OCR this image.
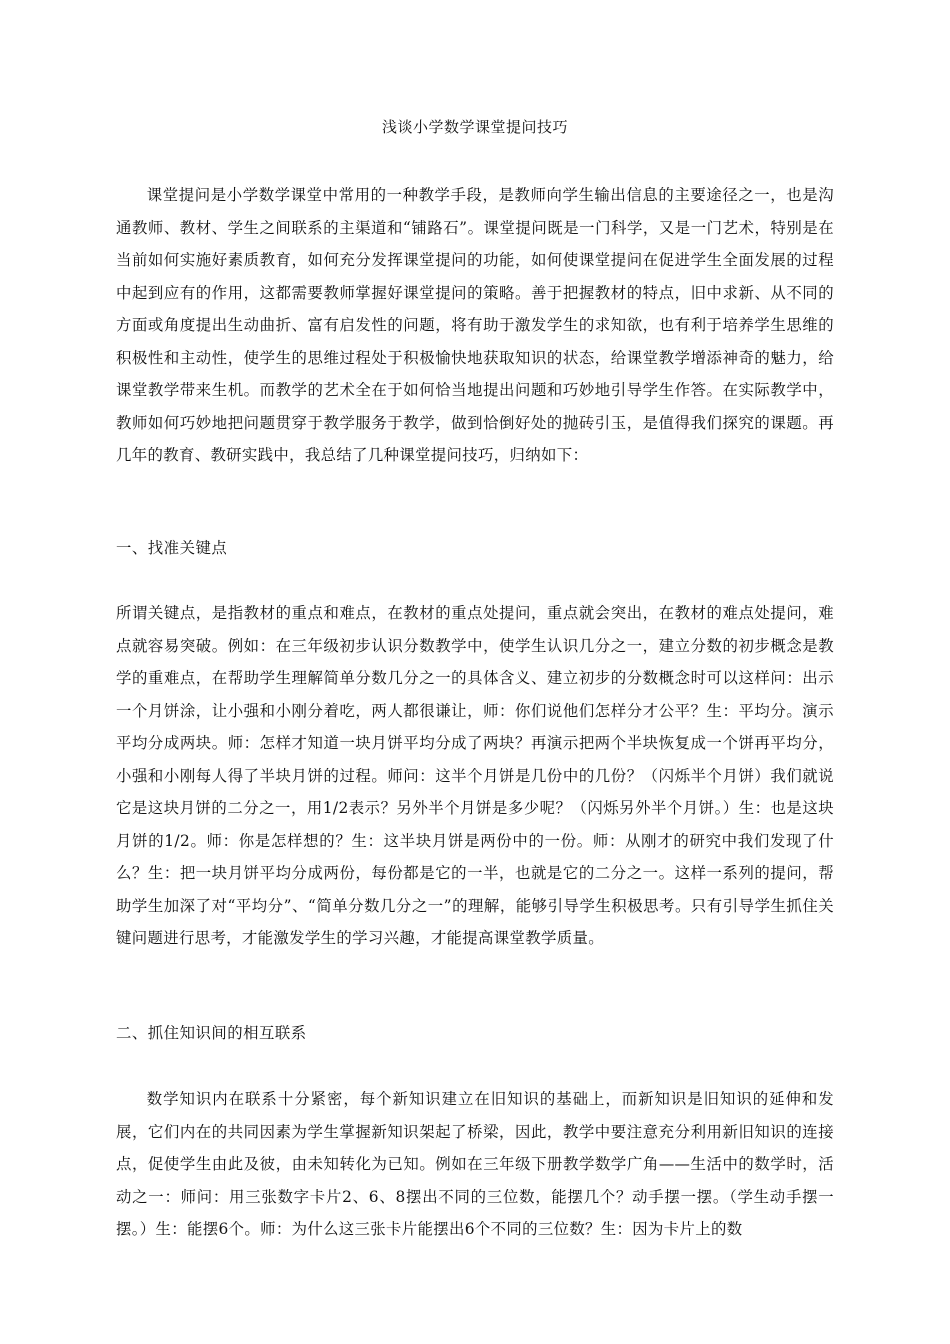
浅谈小学数学课堂提问技巧

课堂提问是小学数学课堂中常用的一种教学手段，是教师向学生输出信息的主要途径之一，也是沟通教师、教材、学生之间联系的主渠道和“铺路石”。课堂提问既是一门科学，又是一门艺术，特别是在当前如何实施好素质教育，如何充分发挥课堂提问的功能，如何使课堂提问在促进学生全面发展的过程中起到应有的作用，这都需要教师掌握好课堂提问的策略。善于把握教材的特点，旧中求新、从不同的方面或角度提出生动曲折、富有启发性的问题，将有助于激发学生的求知欲，也有利于培养学生思维的积极性和主动性，使学生的思维过程处于积极愉快地获取知识的状态，给课堂教学增添神奇的魅力，给课堂教学带来生机。而教学的艺术全在于如何恰当地提出问题和巧妙地引导学生作答。在实际教学中，教师如何巧妙地把问题贯穿于教学服务于教学，做到恰倒好处的抛砖引玉，是值得我们探究的课题。再几年的教育、教研实践中，我总结了几种课堂提问技巧，归纳如下：

一、找准关键点

所谓关键点，是指教材的重点和难点，在教材的重点处提问，重点就会突出，在教材的难点处提问，难点就容易突破。例如：在三年级初步认识分数教学中，使学生认识几分之一，建立分数的初步概念是教学的重难点，在帮助学生理解简单分数几分之一的具体含义、建立初步的分数概念时可以这样问：出示一个月饼涂，让小强和小刚分着吃，两人都很谦让，师：你们说他们怎样分才公平？生：平均分。演示平均分成两块。师：怎样才知道一块月饼平均分成了两块？再演示把两个半块恢复成一个饼再平均分，小强和小刚每人得了半块月饼的过程。师问：这半个月饼是几份中的几份？（闪烁半个月饼）我们就说它是这块月饼的二分之一，用1/2表示？另外半个月饼是多少呢？（闪烁另外半个月饼。）生：也是这块月饼的1/2。师：你是怎样想的？生：这半块月饼是两份中的一份。师：从刚才的研究中我们发现了什么？生：把一块月饼平均分成两份，每份都是它的一半，也就是它的二分之一。这样一系列的提问，帮助学生加深了对“平均分”、“简单分数几分之一”的理解，能够引导学生积极思考。只有引导学生抓住关键问题进行思考，才能激发学生的学习兴趣，才能提高课堂教学质量。

二、抓住知识间的相互联系

数学知识内在联系十分紧密，每个新知识建立在旧知识的基础上，而新知识是旧知识的延伸和发展，它们内在的共同因素为学生掌握新知识架起了桥梁，因此，教学中要注意充分利用新旧知识的连接点，促使学生由此及彼，由未知转化为已知。例如在三年级下册教学数学广角——生活中的数学时，活动之一：师问：用三张数字卡片2、6、8摆出不同的三位数，能摆几个？动手摆一摆。（学生动手摆一摆。）生：能摆6个。师：为什么这三张卡片能摆出6个不同的三位数？生：因为卡片上的数
